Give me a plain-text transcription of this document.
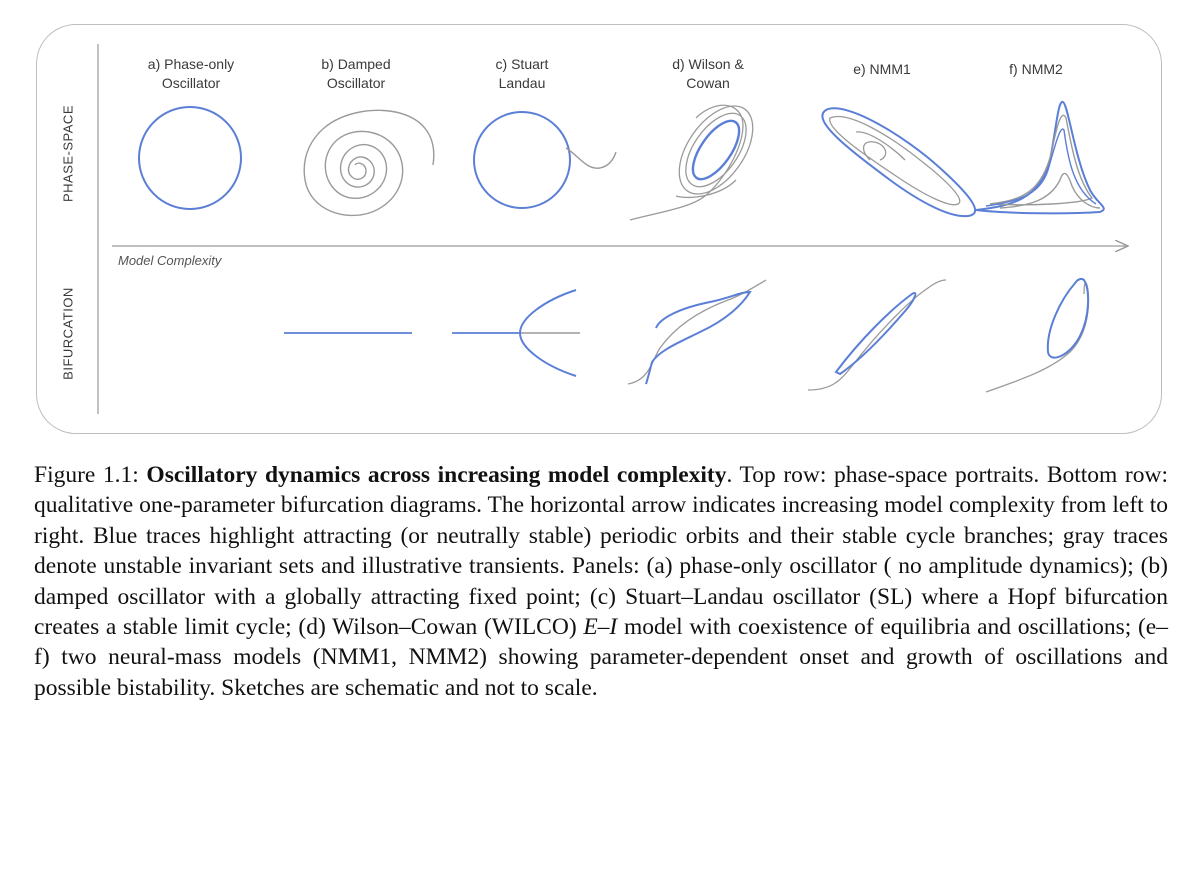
PHASE-SPACE
BIFURCATION
a) Phase-only
Oscillator
b) Damped
Oscillator
c) Stuart
Landau
d) Wilson &
Cowan
e) NMM1	f) NMM2
Model Complexity
Figure 1.1: Oscillatory dynamics across increasing model complexity. Top row: phase-space portraits. Bottom row: qualitative one-parameter bifurcation diagrams. The horizontal arrow indicates increasing model complexity from left to right. Blue traces highlight attracting (or neutrally stable) periodic orbits and their stable cycle branches; gray traces denote unstable invariant sets and illustrative transients. Panels: (a) phase-only oscillator ( no amplitude dynamics); (b) damped oscillator with a globally attracting fixed point; (c) Stuart–Landau oscillator (SL) where a Hopf bifurcation creates a stable limit cycle; (d) Wilson–Cowan (WILCO) E–I model with coexistence of equilibria and oscillations; (e–f) two neural-mass models (NMM1, NMM2) showing parameter-dependent onset and growth of oscillations and possible bistability. Sketches are schematic and not to scale.
